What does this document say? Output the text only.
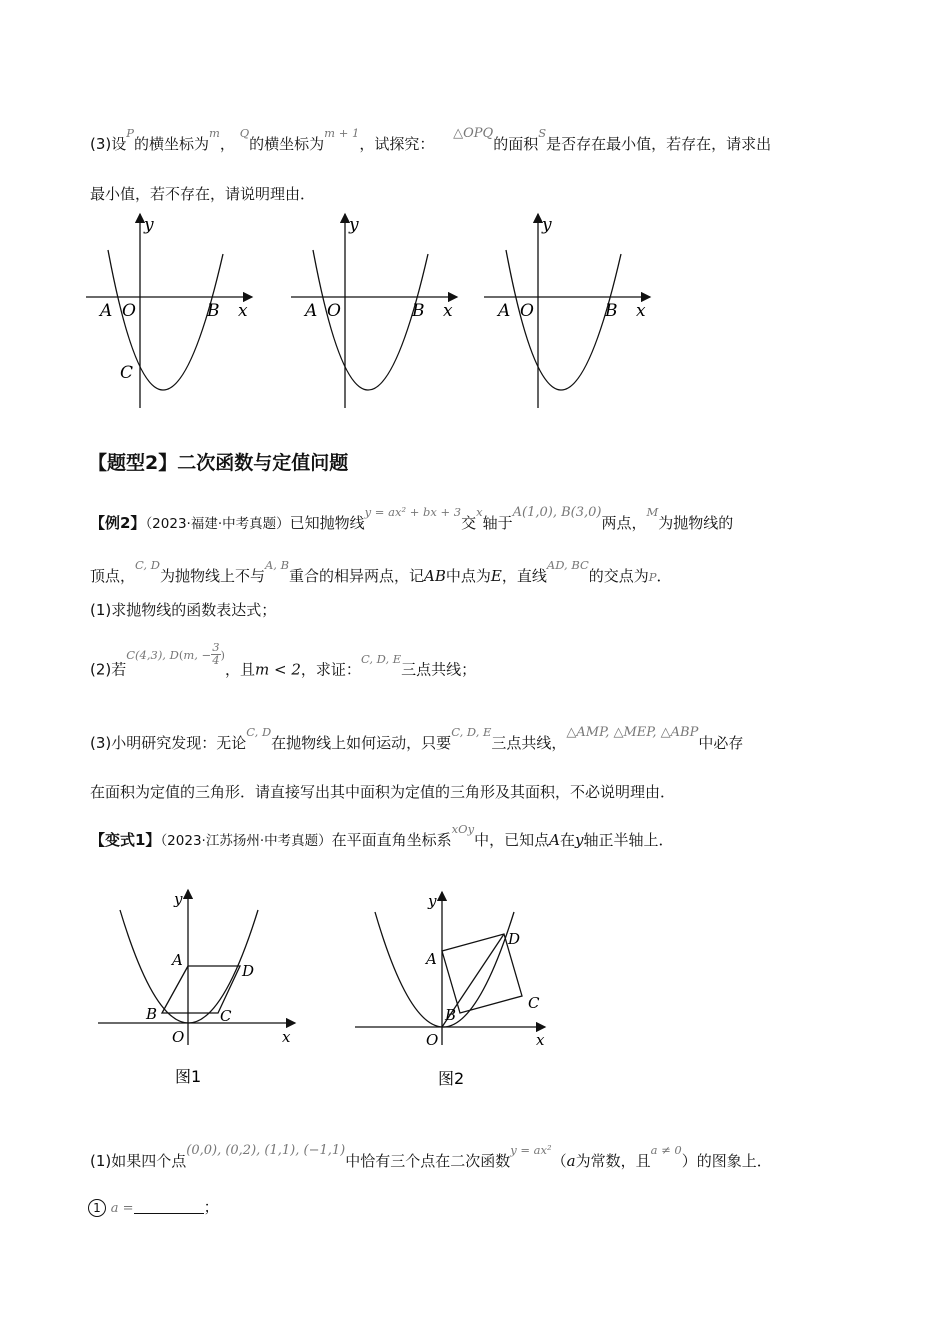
(3)设$^P$的横坐标为$^m$， $^Q$的横坐标为$^{m + 1}$，试探究： △OPQ的面积$^S$是否存在最小值，若存在，请求出
最小值，若不存在，请说明理由．
y
x
A O	B
C
y
x
A O	B
y
x
A O	B
【题型2】二次函数与定值问题
【例2】（2023·福建·中考真题）已知抛物线$^{y = ax^2 + bx + 3}$交$^x$轴于A(1,0), B(3,0)两点，$^M$为抛物线的
顶点，$^{C, D}$为抛物线上不与$^{A, B}$重合的相异两点，记AB中点为E，直线$^{AD, BC}$的交点为P．
(1)求抛物线的函数表达式；
(2)若$^{C(4,3), D(m, -} \frac{3}{4} ^)$，且m < 2，求证：$^{C, D, E}$三点共线；
(3)小明研究发现：无论$^{C, D}$在抛物线上如何运动，只要$^{C, D, E}$三点共线，△AMP, △MEP, △ABP中必存
在面积为定值的三角形．请直接写出其中面积为定值的三角形及其面积，不必说明理由．
【变式1】（2023·江苏扬州·中考真题）在平面直角坐标系$^{xOy}$中，已知点A在y轴正半轴上．
y
x
A
D
B	C
O
图1
y
x
A
D
B
C
O
图2
(1)如果四个点(0,0), (0,2), (1,1), (−1,1)中恰有三个点在二次函数$^{y = ax^2}$（a为常数，且$^{a \ne 0}$）的图象上．
1 a =	；
